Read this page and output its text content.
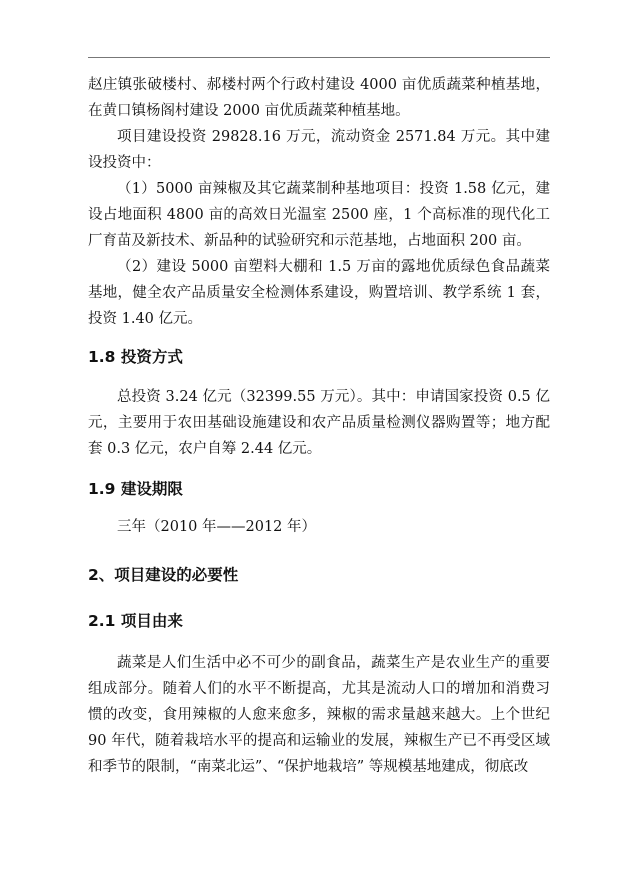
赵庄镇张破楼村、郝楼村两个行政村建设 4000 亩优质蔬菜种植基地，在黄口镇杨阁村建设 2000 亩优质蔬菜种植基地。

项目建设投资 29828.16 万元，流动资金 2571.84 万元。其中建设投资中：

（1）5000 亩辣椒及其它蔬菜制种基地项目：投资 1.58 亿元，建设占地面积 4800 亩的高效日光温室 2500 座，1 个高标准的现代化工厂育苗及新技术、新品种的试验研究和示范基地，占地面积 200 亩。

（2）建设 5000 亩塑料大棚和 1.5 万亩的露地优质绿色食品蔬菜基地，健全农产品质量安全检测体系建设，购置培训、教学系统 1 套，投资 1.40 亿元。

1.8 投资方式

总投资 3.24 亿元（32399.55 万元）。其中：申请国家投资 0.5 亿元，主要用于农田基础设施建设和农产品质量检测仪器购置等；地方配套 0.3 亿元，农户自筹 2.44 亿元。

1.9 建设期限

三年（2010 年——2012 年）

2、项目建设的必要性
2.1 项目由来

蔬菜是人们生活中必不可少的副食品，蔬菜生产是农业生产的重要组成部分。随着人们的水平不断提高，尤其是流动人口的增加和消费习惯的改变，食用辣椒的人愈来愈多，辣椒的需求量越来越大。上个世纪 90 年代，随着栽培水平的提高和运输业的发展，辣椒生产已不再受区域和季节的限制，“南菜北运”、“保护地栽培” 等规模基地建成，彻底改
